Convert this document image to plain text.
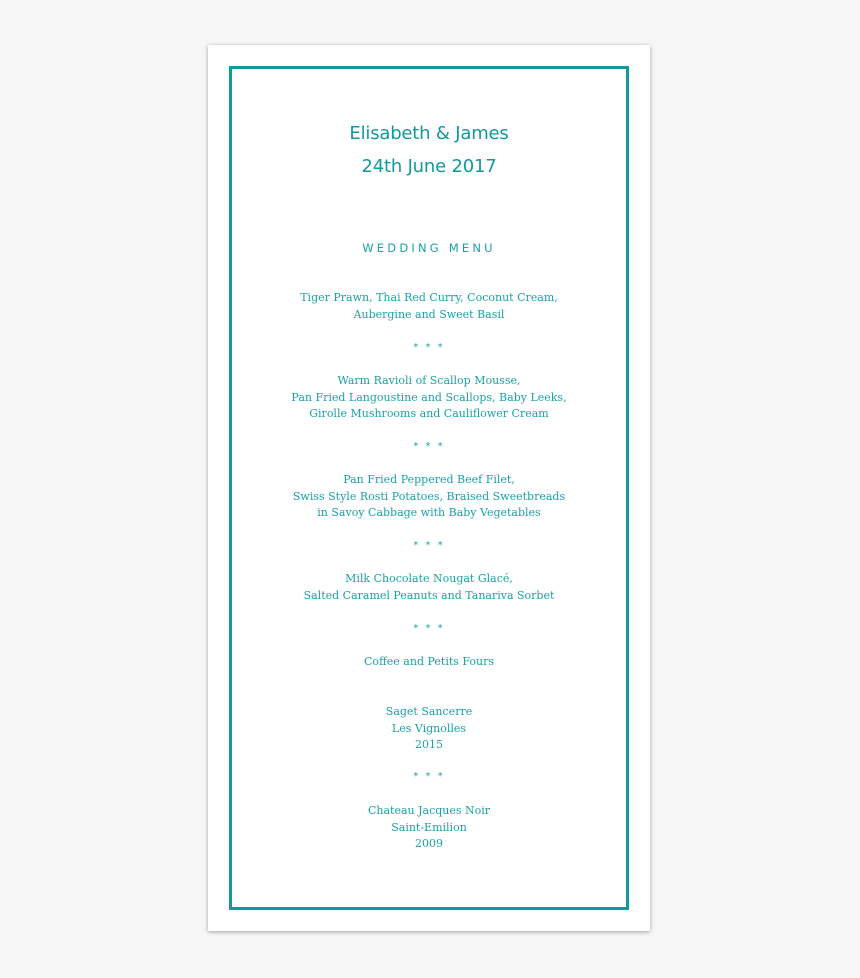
Elisabeth & James
24th June 2017
WEDDING MENU
Tiger Prawn, Thai Red Curry, Coconut Cream,
Aubergine and Sweet Basil
* * *
Warm Ravioli of Scallop Mousse,
Pan Fried Langoustine and Scallops, Baby Leeks,
Girolle Mushrooms and Cauliflower Cream
* * *
Pan Fried Peppered Beef Filet,
Swiss Style Rosti Potatoes, Braised Sweetbreads
in Savoy Cabbage with Baby Vegetables
* * *
Milk Chocolate Nougat Glacé,
Salted Caramel Peanuts and Tanariva Sorbet
* * *
Coffee and Petits Fours
Saget Sancerre
Les Vignolles
2015
* * *
Chateau Jacques Noir
Saint-Emilion
2009
